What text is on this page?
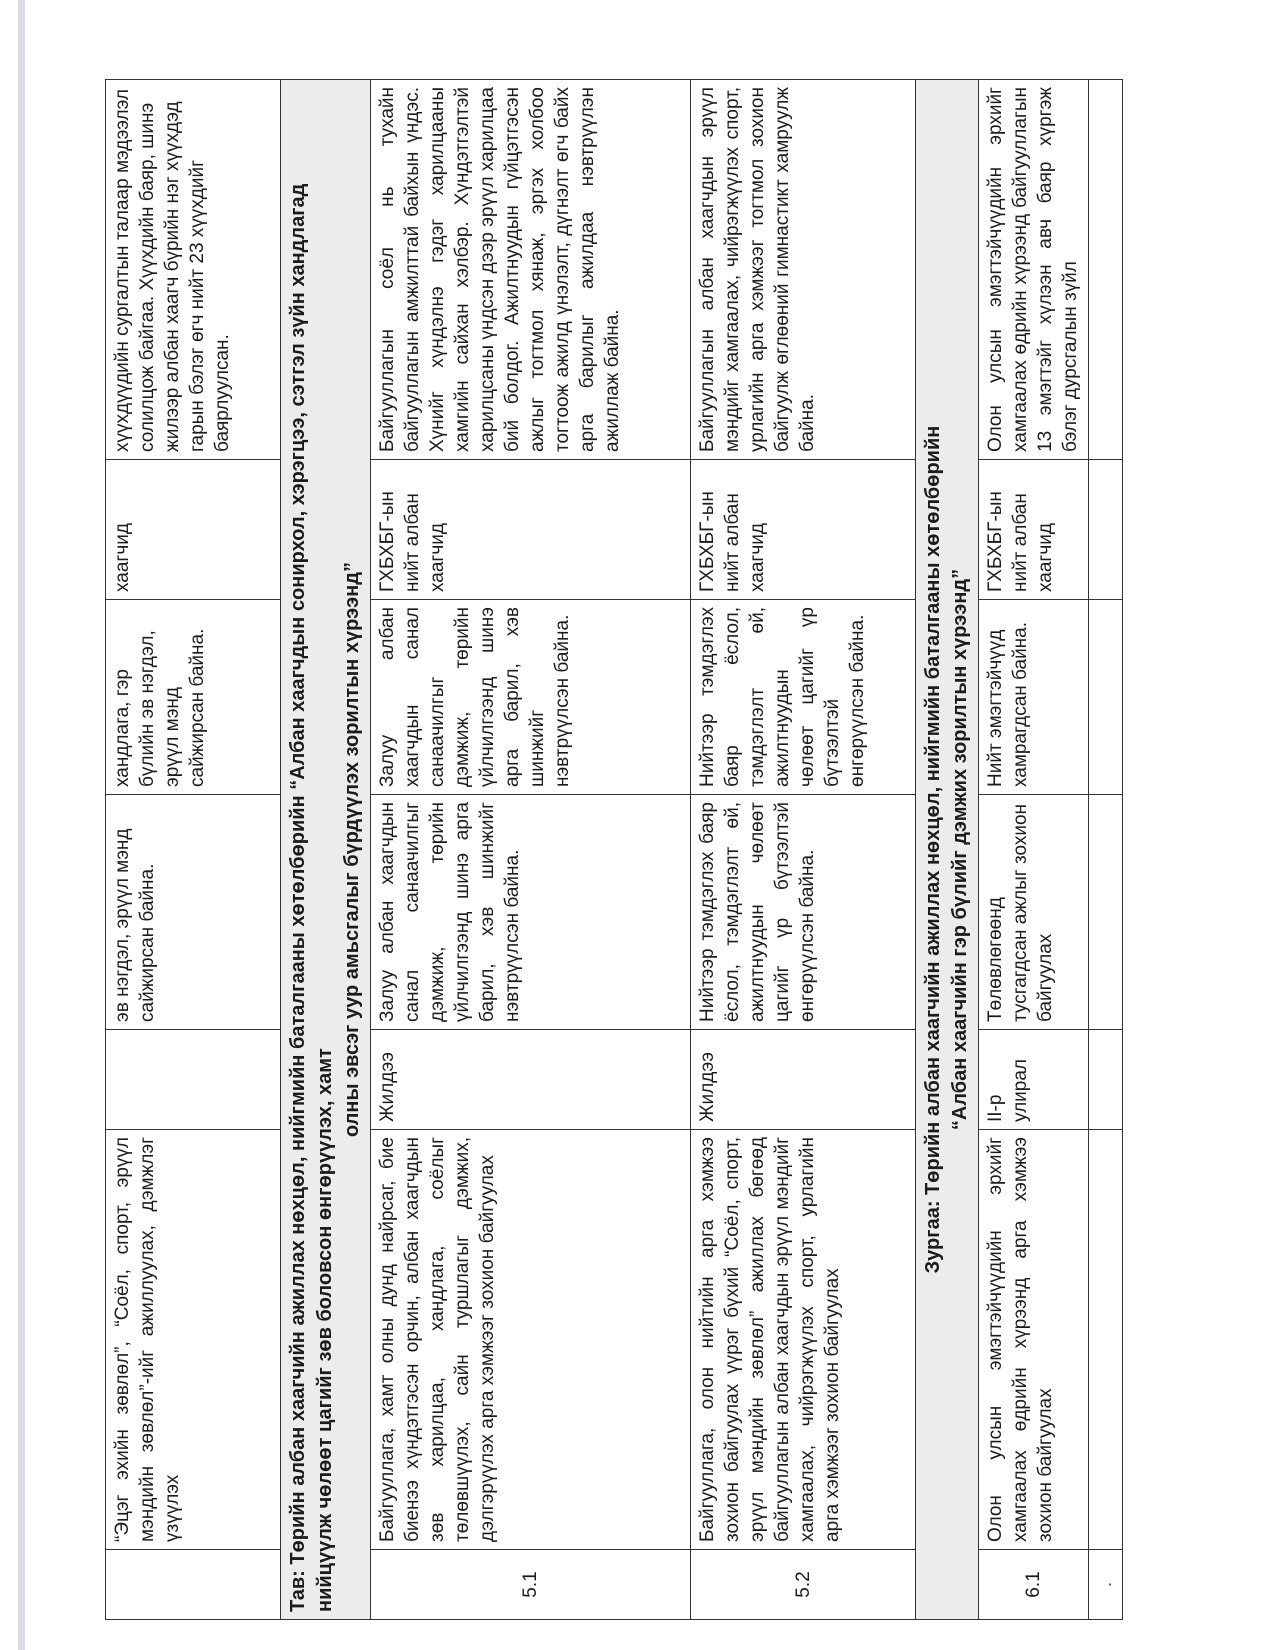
	“Эцэг эхийн зөвлөл”, “Соёл, спорт, эрүүл мэндийн зөвлөл”-ийг ажиллуулах, дэмжлэг үзүүлэх		эв нэгдэл, эрүүл мэнд сайжирсан байна.	хандлага, гэр бүлийн эв нэгдэл, эрүүл мэнд сайжирсан байна.	хаагчид	хүүхдүүдийн сургалтын талаар мэдээлэл солилцож байгаа. Хүүхдийн баяр, шинэ жилээр албан хаагч бүрийн нэг хүүхдэд гарын бэлэг өгч нийт 23 хүүхдийг баярлуулсан.

Тав: Төрийн албан хаагчийн ажиллах нөхцөл, нийгмийн баталгааны хөтөлбөрийн “Албан хаагчдын сонирхол, хэрэгцээ, сэтгэл зүйн хандлагад нийцүүлж чөлөөт цагийг зөв боловсон өнгөрүүлэх, хамт
олны эвсэг уур амьсгалыг бүрдүүлэх зорилтын хүрээнд”						

5.1	Байгууллага, хамт олны дунд найрсаг, бие биенээ хүндэтгэсэн орчин, албан хаагчдын зөв харилцаа, хандлага, соёлыг төлөвшүүлэх, сайн туршлагыг дэмжих, дэлгэрүүлэх арга хэмжээг зохион байгуулах	Жилдээ	Залуу албан хаагчдын санал санаачилгыг дэмжиж, төрийн үйлчилгээнд шинэ арга барил, хэв шинжийг нэвтрүүлсэн байна.	Залуу албан хаагчдын санал санаачилгыг дэмжиж, төрийн үйлчилгээнд шинэ арга барил, хэв шинжийг нэвтрүүлсэн байна.	ГХБХБГ-ын нийт албан хаагчид	Байгууллагын соёл нь тухайн байгууллагын амжилттай байхын үндэс. Хүнийг хүндэлнэ гэдэг харилцааны хамгийн сайхан хэлбэр. Хүндэтгэлтэй харилцсаны үндсэн дээр эрүүл харилцаа бий болдог. Ажилтнуудын гүйцэтгэсэн ажлыг тогтмол хянаж, эргэх холбоо тогтоож ажилд үнэлэлт, дүгнэлт өгч байх арга барилыг ажилдаа нэвтрүүлэн ажиллаж байна.
5.2	Байгууллага, олон нийтийн арга хэмжээ зохион байгуулах үүрэг бүхий “Соёл, спорт, эрүүл мэндийн зөвлөл” ажиллах бөгөөд байгууллагын албан хаагчдын эрүүл мэндийг хамгаалах, чийрэгжүүлэх спорт, урлагийн арга хэмжээг зохион байгуулах	Жилдээ	Нийтээр тэмдэглэх баяр ёслол, тэмдэглэлт өй, ажилтнуудын чөлөөт цагийг үр бүтээлтэй өнгөрүүлсэн байна.	Нийтээр тэмдэглэх баяр ёслол, тэмдэглэлт өй, ажилтнуудын чөлөөт цагийг үр бүтээлтэй өнгөрүүлсэн байна.	ГХБХБГ-ын нийт албан хаагчид	Байгууллагын албан хаагчдын эрүүл мэндийг хамгаалах, чийрэгжүүлэх спорт, урлагийн арга хэмжээг тогтмол зохион байгуулж өглөөний гимнастикт хамруулж байна.

Зургаа: Төрийн албан хаагчийн ажиллах нөхцөл, нийгмийн баталгааны хөтөлбөрийн “Албан хаагчийн гэр бүлийг дэмжих зорилтын хүрээнд”						

6.1	Олон улсын эмэгтэйчүүдийн эрхийг хамгаалах өдрийн хүрээнд арга хэмжээ зохион байгуулах	II-р улирал	Төлөвлөгөөнд тусгагдсан ажлыг зохион байгуулах	Нийт эмэгтэйчүүд хамрагдсан байна.	ГХБХБГ-ын нийт албан хаагчид	Олон улсын эмэгтэйчүүдийн эрхийг хамгаалах өдрийн хүрээнд байгууллагын 13 эмэгтэйг хүлээн авч баяр хүргэж бэлэг дурсгалын зүйл
.						
